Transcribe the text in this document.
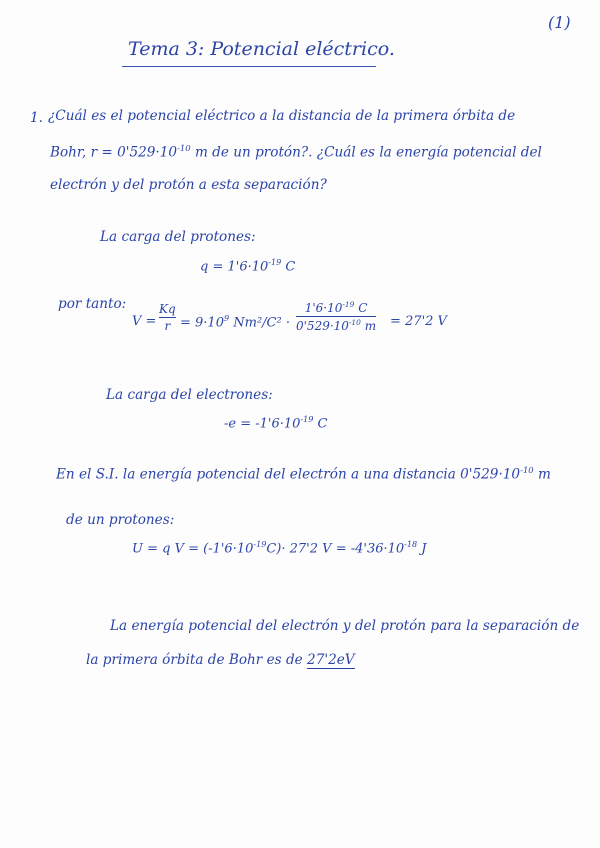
(1)
Tema 3: Potencial eléctrico.
1. ¿Cuál es el potencial eléctrico a la distancia de la primera órbita de
Bohr, $r = 0'529\cdot 10^{-10}$ m de un protón?. ¿Cuál es la energía potencial del
electrón y del protón a esta separación?
La carga del protones:
$q = 1'6\cdot 10^{-19}$ C
por tanto:
V =
Kq
$r = 9\cdot 10^9$ Nm²/C² ·
$1'6\cdot 10^{-19}$ C
$0'529\cdot 10^{-10}$ m = 27'2 V
La carga del electrones:
$-e = -1'6\cdot 10^{-19}$ C
En el S.I. la energía potencial del electrón a una distancia $0'529\cdot 10^{-10}$ m
de un protones:
U = q $V = (-1'6\cdot 10^{-19}C)\cdot 27'2$ $V = -4'36\cdot 10^{-18}$ J
La energía potencial del electrón y del protón para la separación de
la primera órbita de Bohr es de 27'2eV
